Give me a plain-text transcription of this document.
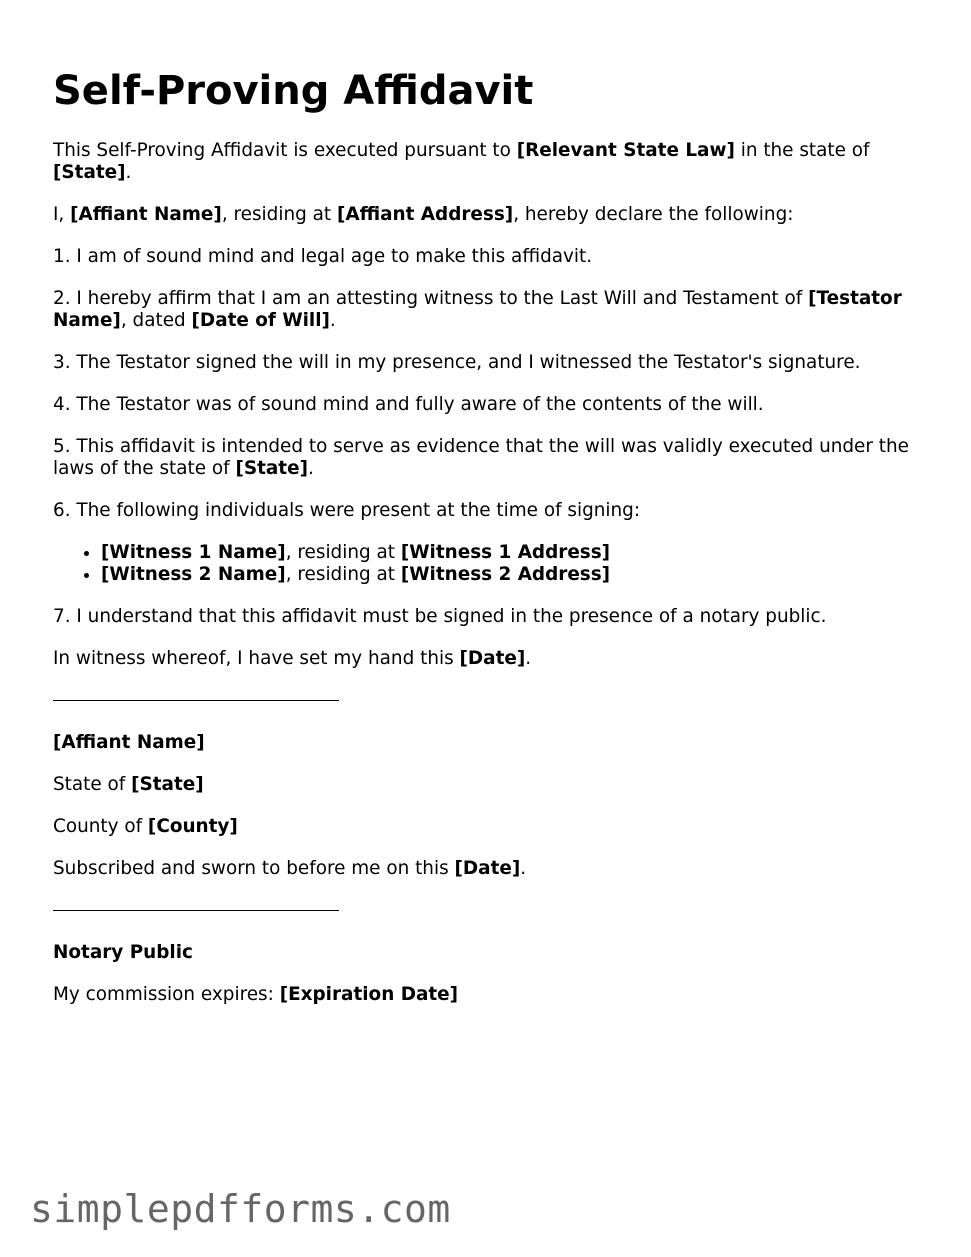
Self-Proving Affidavit

This Self-Proving Affidavit is executed pursuant to [Relevant State Law] in the state of [State].

I, [Affiant Name], residing at [Affiant Address], hereby declare the following:

1. I am of sound mind and legal age to make this affidavit.

2. I hereby affirm that I am an attesting witness to the Last Will and Testament of [Testator Name], dated [Date of Will].

3. The Testator signed the will in my presence, and I witnessed the Testator's signature.

4. The Testator was of sound mind and fully aware of the contents of the will.

5. This affidavit is intended to serve as evidence that the will was validly executed under the laws of the state of [State].

6. The following individuals were present at the time of signing:

• [Witness 1 Name], residing at [Witness 1 Address]
• [Witness 2 Name], residing at [Witness 2 Address]

7. I understand that this affidavit must be signed in the presence of a notary public.

In witness whereof, I have set my hand this [Date].

[Affiant Name]

State of [State]

County of [County]

Subscribed and sworn to before me on this [Date].

Notary Public

My commission expires: [Expiration Date]

simplepdfforms.com
